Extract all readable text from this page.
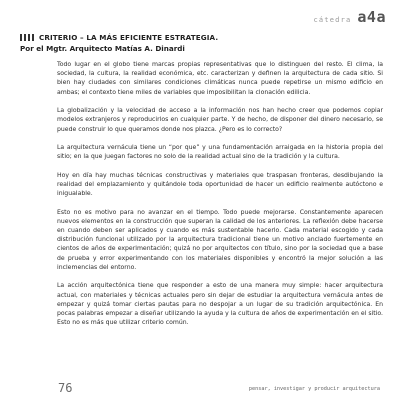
cátedra a4a
CRITERIO – LA MÁS EFICIENTE ESTRATEGIA.
Por el Mgtr. Arquitecto Matías A. Dinardi

Todo lugar en el globo tiene marcas propias representativas que lo distinguen del resto. El clima, la sociedad, la cultura, la realidad económica, etc. caracterizan y definen la arquitectura de cada sitio. Si bien hay ciudades con similares condiciones climáticas nunca puede repetirse un mismo edificio en ambas; el contexto tiene miles de variables que imposibilitan la clonación edilicia.

La globalización y la velocidad de acceso a la información nos han hecho creer que podemos copiar modelos extranjeros y reproducirlos en cualquier parte. Y de hecho, de disponer del dinero necesario, se puede construir lo que queramos donde nos plazca. ¿Pero es lo correcto?

La arquitectura vernácula tiene un “por que” y una fundamentación arraigada en la historia propia del sitio; en la que juegan factores no solo de la realidad actual sino de la tradición y la cultura.

Hoy en día hay muchas técnicas constructivas y materiales que traspasan fronteras, desdibujando la realidad del emplazamiento y quitándole toda oportunidad de hacer un edificio realmente autóctono e inigualable.

Esto no es motivo para no avanzar en el tiempo. Todo puede mejorarse. Constantemente aparecen nuevos elementos en la construcción que superan la calidad de los anteriores. La reflexión debe hacerse en cuando deben ser aplicados y cuando es más sustentable hacerlo. Cada material escogido y cada distribución funcional utilizado por la arquitectura tradicional tiene un motivo anclado fuertemente en cientos de años de experimentación; quizá no por arquitectos con título, sino por la sociedad que a base de prueba y error experimentando con los materiales disponibles y encontró la mejor solución a las inclemencias del entorno.

La acción arquitectónica tiene que responder a esto de una manera muy simple: hacer arquitectura actual, con materiales y técnicas actuales pero sin dejar de estudiar la arquitectura vernácula antes de empezar y quizá tomar ciertas pautas para no despojar a un lugar de su tradición arquitectónica. En pocas palabras empezar a diseñar utilizando la ayuda y la cultura de años de experimentación en el sitio. Esto no es más que utilizar criterio común.

76	pensar, investigar y producir arquitectura
